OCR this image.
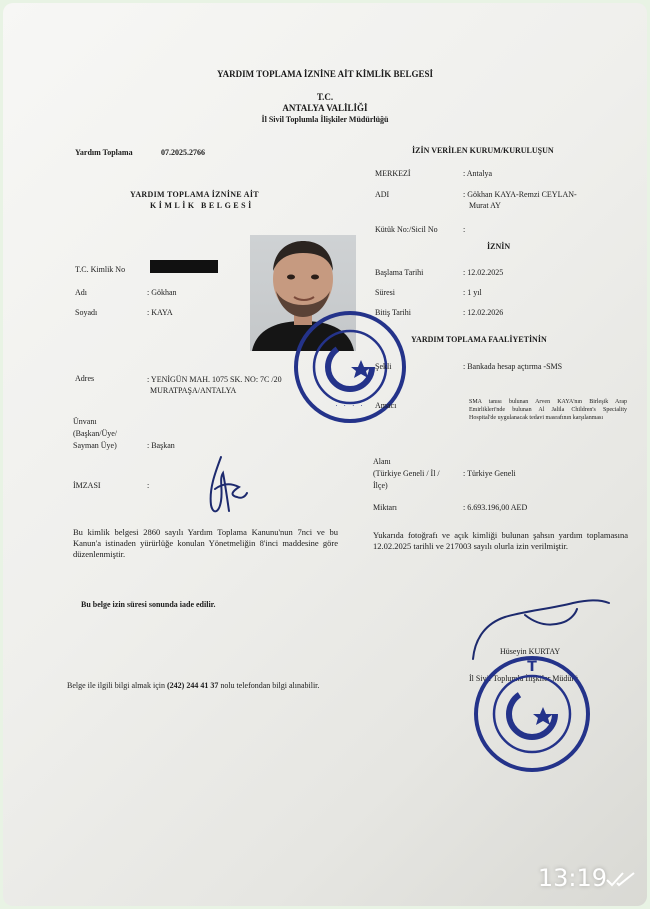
YARDIM TOPLAMA İZNİNE AİT KİMLİK BELGESİ
T.C.
ANTALYA VALİLİĞİ
İl Sivil Toplumla İlişkiler Müdürlüğü
Yardım Toplama	07.2025.2766
YARDIM TOPLAMA İZNİNE AİT
KİMLİK BELGESİ
T.C. Kimlik No
Adı	: Gökhan
Soyadı	: KAYA
Adres	: YENİGÜN MAH. 1075 SK. NO: 7C /20
MURATPAŞA/ANTALYA
Ünvanı
(Başkan/Üye/
Sayman Üye)	: Başkan
İMZASI	:
Bu kimlik belgesi 2860 sayılı Yardım Toplama Kanunu'nun 7nci ve bu Kanun'a istinaden yürürlüğe konulan Yönetmeliğin 8'inci maddesine göre düzenlenmiştir.
Bu belge izin süresi sonunda iade edilir.
Belge ile ilgili bilgi almak için (242) 244 41 37 nolu telefondan bilgi alınabilir.
· · · ·
İZİN VERİLEN KURUM/KURULUŞUN
MERKEZİ	: Antalya
ADI	: Gökhan KAYA-Remzi CEYLAN-
Murat AY
Kütük No:/Sicil No	:
İZNİN
Başlama Tarihi	: 12.02.2025
Süresi	: 1 yıl
Bitiş Tarihi	: 12.02.2026
YARDIM TOPLAMA FAALİYETİNİN
Şekli	: Bankada hesap açtırma -SMS
Amacı	SMA tanısı bulunan Arven KAYA'nın Birleşik Arap Emirlikleri'nde bulunan Al Jalila Children's Speciality Hospital'de uygulanacak tedavi masrafının karşılanması
Alanı
(Türkiye Geneli / İl /
İlçe)
: Türkiye Geneli
Miktarı	: 6.693.196,00 AED
Yukarıda fotoğrafı ve açık kimliği bulunan şahsın yardım toplamasına 12.02.2025 tarihli ve 217003 sayılı olurla izin verilmiştir.
Hüseyin KURTAY
İl Sivil Toplumla İlişkiler Müdürü
T
13:19
